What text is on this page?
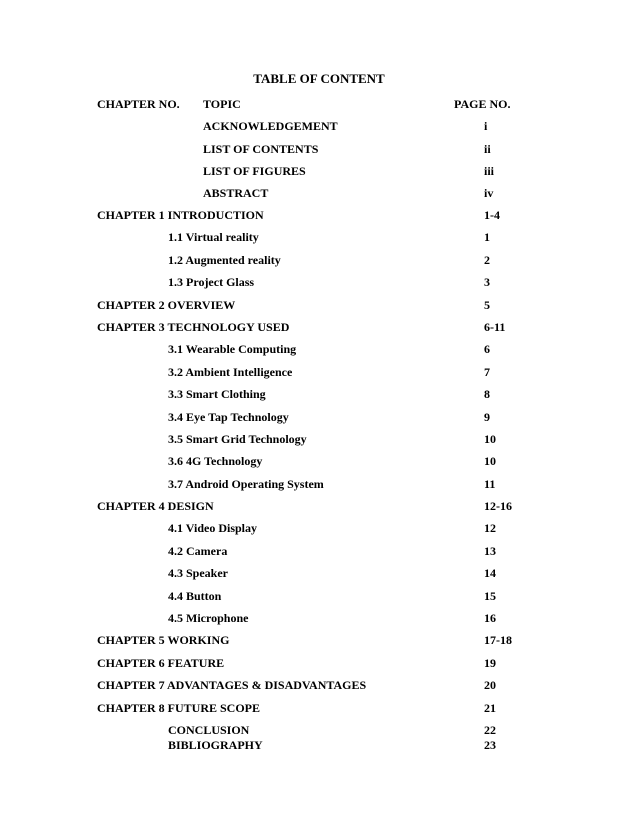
TABLE OF CONTENT
CHAPTER NO. TOPIC	PAGE NO.
ACKNOWLEDGEMENT	i
LIST OF CONTENTS	ii
LIST OF FIGURES	iii
ABSTRACT	iv
CHAPTER 1 INTRODUCTION	1-4
1.1 Virtual reality	1
1.2 Augmented reality	2
1.3 Project Glass	3
CHAPTER 2 OVERVIEW	5
CHAPTER 3 TECHNOLOGY USED	6-11
3.1 Wearable Computing	6
3.2 Ambient Intelligence	7
3.3 Smart Clothing	8
3.4 Eye Tap Technology	9
3.5 Smart Grid Technology	10
3.6 4G Technology	10
3.7 Android Operating System	11
CHAPTER 4 DESIGN	12-16
4.1 Video Display	12
4.2 Camera	13
4.3 Speaker	14
4.4 Button	15
4.5 Microphone	16
CHAPTER 5 WORKING	17-18
CHAPTER 6 FEATURE	19
CHAPTER 7 ADVANTAGES & DISADVANTAGES	20
CHAPTER 8 FUTURE SCOPE	21
CONCLUSION	22
BIBLIOGRAPHY	23
